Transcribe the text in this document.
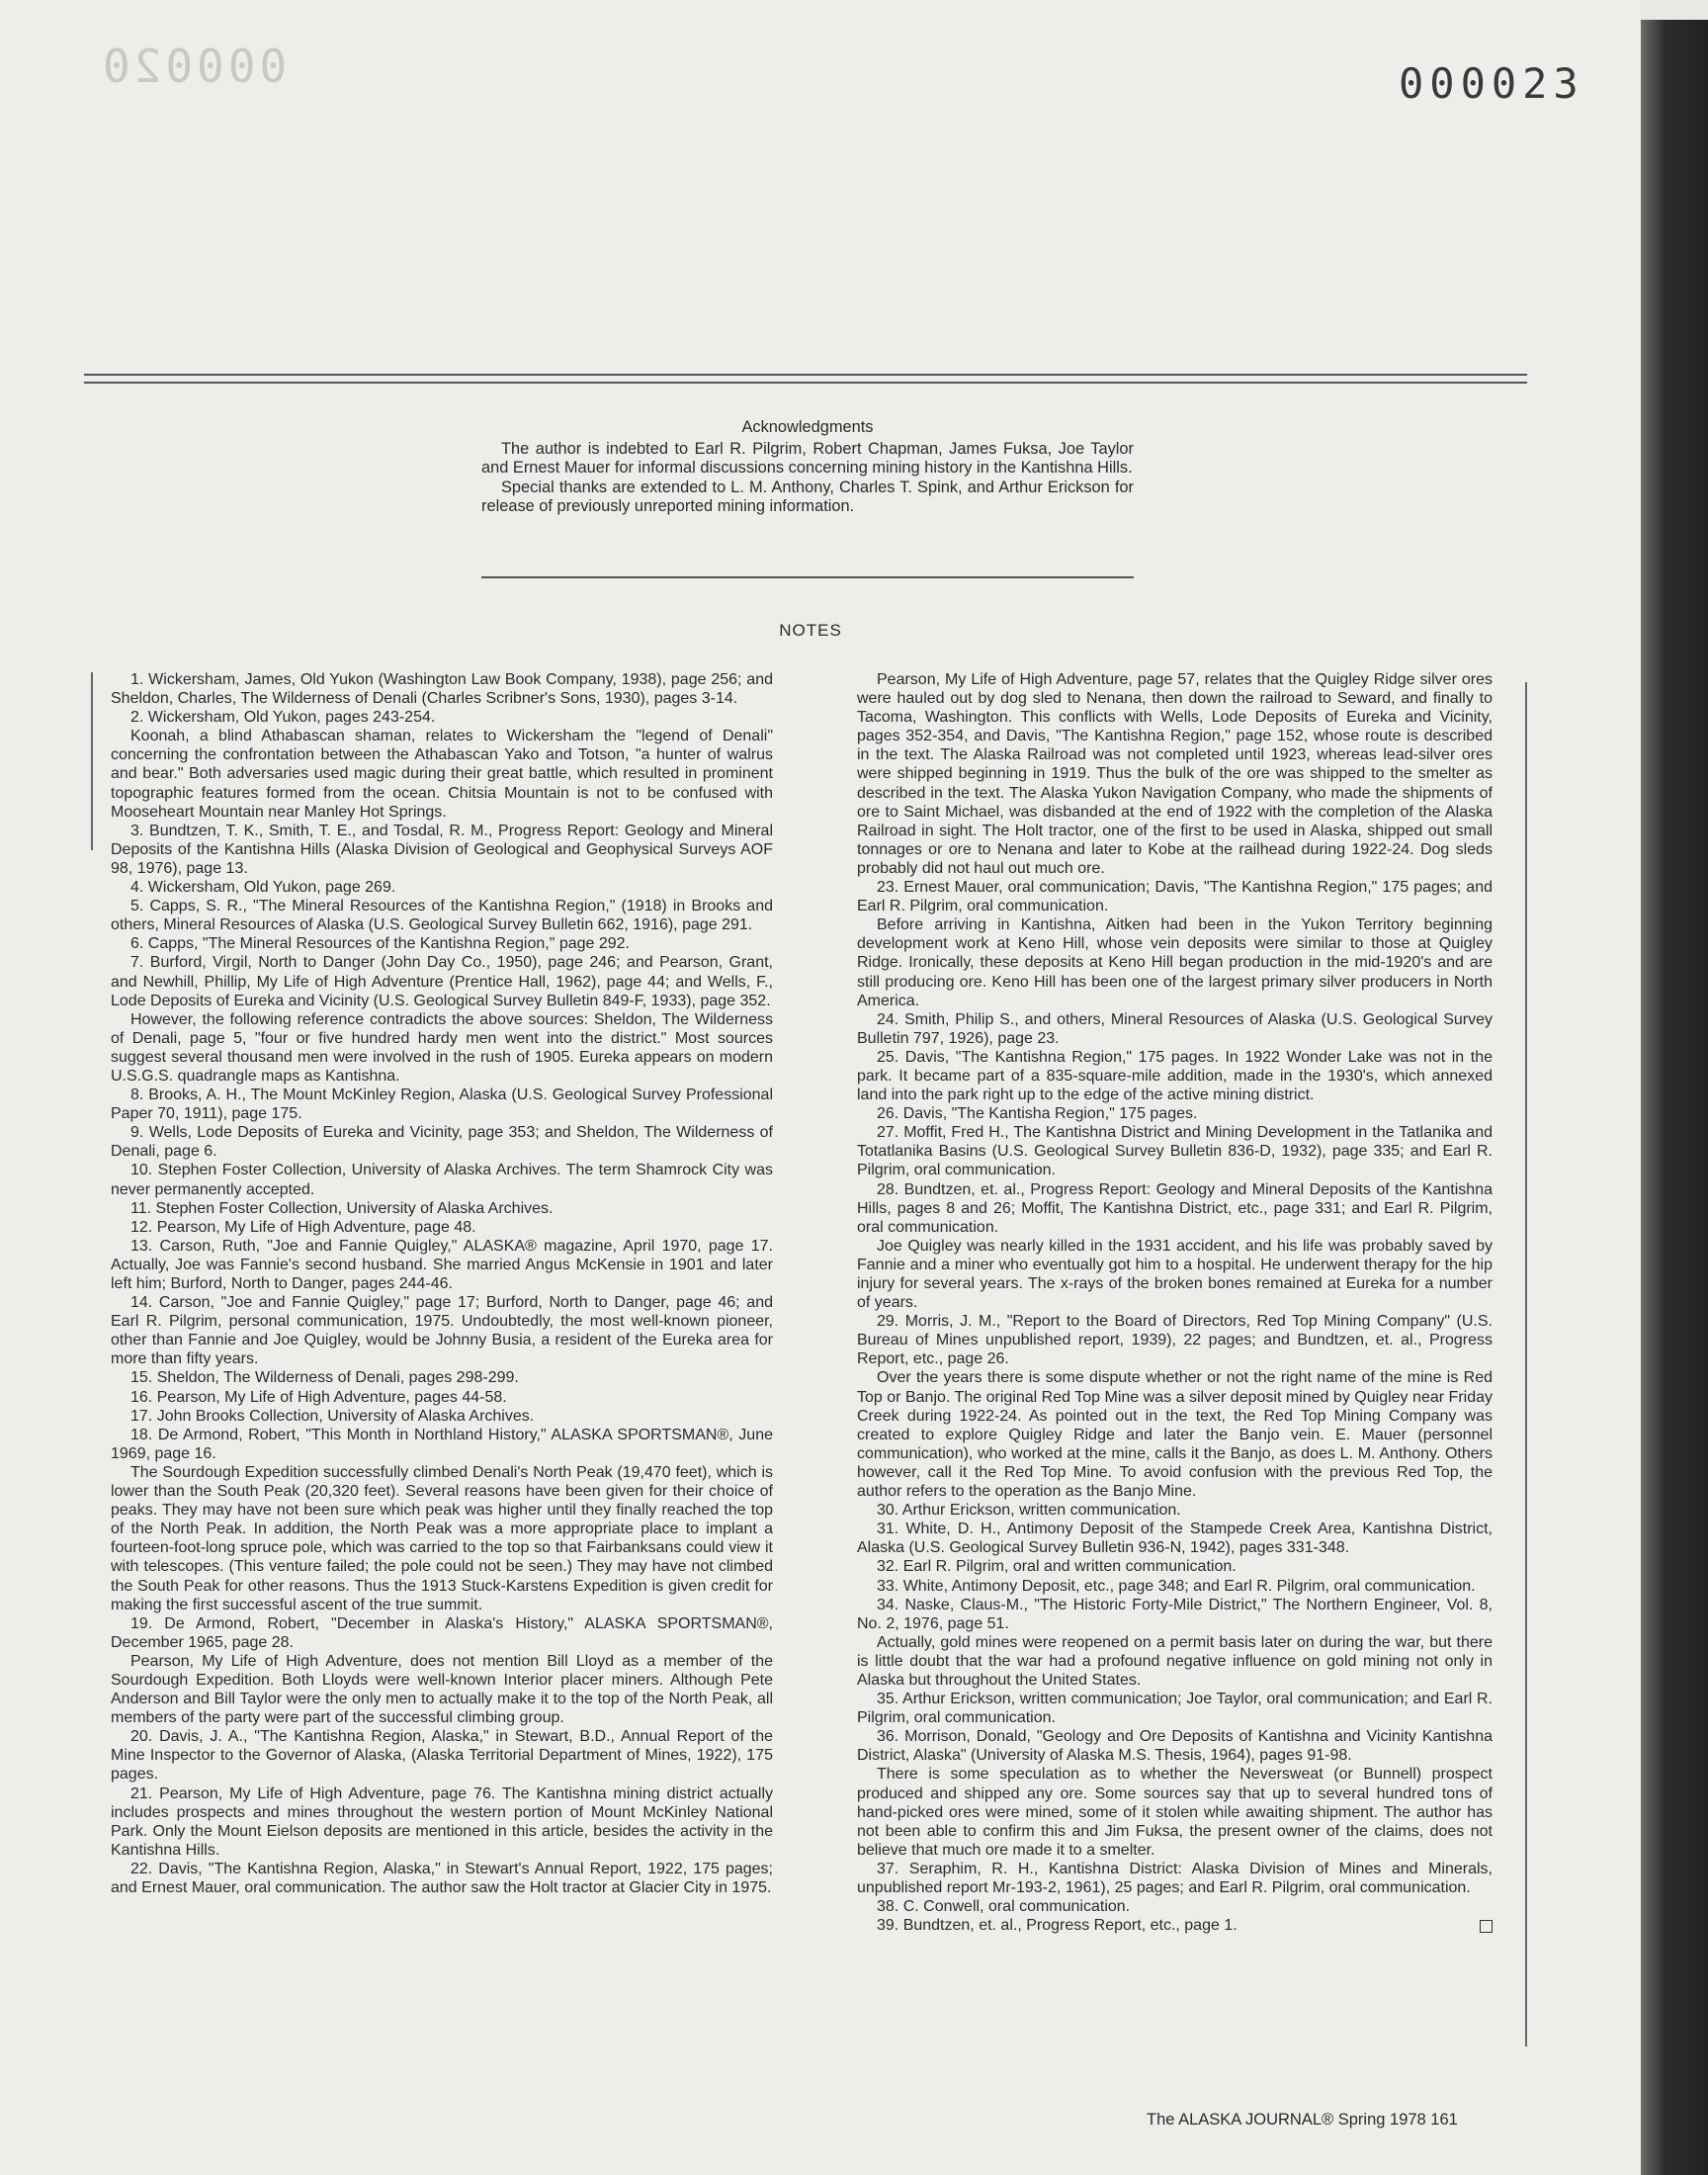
000020	000023
Acknowledgments

The author is indebted to Earl R. Pilgrim, Robert Chapman, James Fuksa, Joe Taylor and Ernest Mauer for informal discussions concerning mining history in the Kantishna Hills.

Special thanks are extended to L. M. Anthony, Charles T. Spink, and Arthur Erickson for release of previously unreported mining information.

NOTES

1. Wickersham, James, Old Yukon (Washington Law Book Company, 1938), page 256; and Sheldon, Charles, The Wilderness of Denali (Charles Scribner's Sons, 1930), pages 3-14.

2. Wickersham, Old Yukon, pages 243-254.

Koonah, a blind Athabascan shaman, relates to Wickersham the "legend of Denali" concerning the confrontation between the Athabascan Yako and Totson, "a hunter of walrus and bear." Both adversaries used magic during their great battle, which resulted in prominent topographic features formed from the ocean. Chitsia Mountain is not to be confused with Mooseheart Mountain near Manley Hot Springs.

3. Bundtzen, T. K., Smith, T. E., and Tosdal, R. M., Progress Report: Geology and Mineral Deposits of the Kantishna Hills (Alaska Division of Geological and Geophysical Surveys AOF 98, 1976), page 13.

4. Wickersham, Old Yukon, page 269.

5. Capps, S. R., "The Mineral Resources of the Kantishna Region," (1918) in Brooks and others, Mineral Resources of Alaska (U.S. Geological Survey Bulletin 662, 1916), page 291.

6. Capps, "The Mineral Resources of the Kantishna Region," page 292.

7. Burford, Virgil, North to Danger (John Day Co., 1950), page 246; and Pearson, Grant, and Newhill, Phillip, My Life of High Adventure (Prentice Hall, 1962), page 44; and Wells, F., Lode Deposits of Eureka and Vicinity (U.S. Geological Survey Bulletin 849-F, 1933), page 352.

However, the following reference contradicts the above sources: Sheldon, The Wilderness of Denali, page 5, "four or five hundred hardy men went into the district." Most sources suggest several thousand men were involved in the rush of 1905. Eureka appears on modern U.S.G.S. quadrangle maps as Kantishna.

8. Brooks, A. H., The Mount McKinley Region, Alaska (U.S. Geological Survey Professional Paper 70, 1911), page 175.

9. Wells, Lode Deposits of Eureka and Vicinity, page 353; and Sheldon, The Wilderness of Denali, page 6.

10. Stephen Foster Collection, University of Alaska Archives. The term Shamrock City was never permanently accepted.

11. Stephen Foster Collection, University of Alaska Archives.

12. Pearson, My Life of High Adventure, page 48.

13. Carson, Ruth, "Joe and Fannie Quigley," ALASKA® magazine, April 1970, page 17. Actually, Joe was Fannie's second husband. She married Angus McKensie in 1901 and later left him; Burford, North to Danger, pages 244-46.

14. Carson, "Joe and Fannie Quigley," page 17; Burford, North to Danger, page 46; and Earl R. Pilgrim, personal communication, 1975. Undoubtedly, the most well-known pioneer, other than Fannie and Joe Quigley, would be Johnny Busia, a resident of the Eureka area for more than fifty years.

15. Sheldon, The Wilderness of Denali, pages 298-299.

16. Pearson, My Life of High Adventure, pages 44-58.

17. John Brooks Collection, University of Alaska Archives.

18. De Armond, Robert, "This Month in Northland History," ALASKA SPORTSMAN®, June 1969, page 16.

The Sourdough Expedition successfully climbed Denali's North Peak (19,470 feet), which is lower than the South Peak (20,320 feet). Several reasons have been given for their choice of peaks. They may have not been sure which peak was higher until they finally reached the top of the North Peak. In addition, the North Peak was a more appropriate place to implant a fourteen-foot-long spruce pole, which was carried to the top so that Fairbanksans could view it with telescopes. (This venture failed; the pole could not be seen.) They may have not climbed the South Peak for other reasons. Thus the 1913 Stuck-Karstens Expedition is given credit for making the first successful ascent of the true summit.

19. De Armond, Robert, "December in Alaska's History," ALASKA SPORTSMAN®, December 1965, page 28.

Pearson, My Life of High Adventure, does not mention Bill Lloyd as a member of the Sourdough Expedition. Both Lloyds were well-known Interior placer miners. Although Pete Anderson and Bill Taylor were the only men to actually make it to the top of the North Peak, all members of the party were part of the successful climbing group.

20. Davis, J. A., "The Kantishna Region, Alaska," in Stewart, B.D., Annual Report of the Mine Inspector to the Governor of Alaska, (Alaska Territorial Department of Mines, 1922), 175 pages.

21. Pearson, My Life of High Adventure, page 76. The Kantishna mining district actually includes prospects and mines throughout the western portion of Mount McKinley National Park. Only the Mount Eielson deposits are mentioned in this article, besides the activity in the Kantishna Hills.

22. Davis, "The Kantishna Region, Alaska," in Stewart's Annual Report, 1922, 175 pages; and Ernest Mauer, oral communication. The author saw the Holt tractor at Glacier City in 1975.

Pearson, My Life of High Adventure, page 57, relates that the Quigley Ridge silver ores were hauled out by dog sled to Nenana, then down the railroad to Seward, and finally to Tacoma, Washington. This conflicts with Wells, Lode Deposits of Eureka and Vicinity, pages 352-354, and Davis, "The Kantishna Region," page 152, whose route is described in the text. The Alaska Railroad was not completed until 1923, whereas lead-silver ores were shipped beginning in 1919. Thus the bulk of the ore was shipped to the smelter as described in the text. The Alaska Yukon Navigation Company, who made the shipments of ore to Saint Michael, was disbanded at the end of 1922 with the completion of the Alaska Railroad in sight. The Holt tractor, one of the first to be used in Alaska, shipped out small tonnages or ore to Nenana and later to Kobe at the railhead during 1922-24. Dog sleds probably did not haul out much ore.

23. Ernest Mauer, oral communication; Davis, "The Kantishna Region," 175 pages; and Earl R. Pilgrim, oral communication.

Before arriving in Kantishna, Aitken had been in the Yukon Territory beginning development work at Keno Hill, whose vein deposits were similar to those at Quigley Ridge. Ironically, these deposits at Keno Hill began production in the mid-1920's and are still producing ore. Keno Hill has been one of the largest primary silver producers in North America.

24. Smith, Philip S., and others, Mineral Resources of Alaska (U.S. Geological Survey Bulletin 797, 1926), page 23.

25. Davis, "The Kantishna Region," 175 pages. In 1922 Wonder Lake was not in the park. It became part of a 835-square-mile addition, made in the 1930's, which annexed land into the park right up to the edge of the active mining district.

26. Davis, "The Kantisha Region," 175 pages.

27. Moffit, Fred H., The Kantishna District and Mining Development in the Tatlanika and Totatlanika Basins (U.S. Geological Survey Bulletin 836-D, 1932), page 335; and Earl R. Pilgrim, oral communication.

28. Bundtzen, et. al., Progress Report: Geology and Mineral Deposits of the Kantishna Hills, pages 8 and 26; Moffit, The Kantishna District, etc., page 331; and Earl R. Pilgrim, oral communication.

Joe Quigley was nearly killed in the 1931 accident, and his life was probably saved by Fannie and a miner who eventually got him to a hospital. He underwent therapy for the hip injury for several years. The x-rays of the broken bones remained at Eureka for a number of years.

29. Morris, J. M., "Report to the Board of Directors, Red Top Mining Company" (U.S. Bureau of Mines unpublished report, 1939), 22 pages; and Bundtzen, et. al., Progress Report, etc., page 26.

Over the years there is some dispute whether or not the right name of the mine is Red Top or Banjo. The original Red Top Mine was a silver deposit mined by Quigley near Friday Creek during 1922-24. As pointed out in the text, the Red Top Mining Company was created to explore Quigley Ridge and later the Banjo vein. E. Mauer (personnel communication), who worked at the mine, calls it the Banjo, as does L. M. Anthony. Others however, call it the Red Top Mine. To avoid confusion with the previous Red Top, the author refers to the operation as the Banjo Mine.

30. Arthur Erickson, written communication.

31. White, D. H., Antimony Deposit of the Stampede Creek Area, Kantishna District, Alaska (U.S. Geological Survey Bulletin 936-N, 1942), pages 331-348.

32. Earl R. Pilgrim, oral and written communication.

33. White, Antimony Deposit, etc., page 348; and Earl R. Pilgrim, oral communication.

34. Naske, Claus-M., "The Historic Forty-Mile District," The Northern Engineer, Vol. 8, No. 2, 1976, page 51.

Actually, gold mines were reopened on a permit basis later on during the war, but there is little doubt that the war had a profound negative influence on gold mining not only in Alaska but throughout the United States.

35. Arthur Erickson, written communication; Joe Taylor, oral communication; and Earl R. Pilgrim, oral communication.

36. Morrison, Donald, "Geology and Ore Deposits of Kantishna and Vicinity Kantishna District, Alaska" (University of Alaska M.S. Thesis, 1964), pages 91-98.

There is some speculation as to whether the Neversweat (or Bunnell) prospect produced and shipped any ore. Some sources say that up to several hundred tons of hand-picked ores were mined, some of it stolen while awaiting shipment. The author has not been able to confirm this and Jim Fuksa, the present owner of the claims, does not believe that much ore made it to a smelter.

37. Seraphim, R. H., Kantishna District: Alaska Division of Mines and Minerals, unpublished report Mr-193-2, 1961), 25 pages; and Earl R. Pilgrim, oral communication.

38. C. Conwell, oral communication.

39. Bundtzen, et. al., Progress Report, etc., page 1.

The ALASKA JOURNAL® Spring 1978 161
